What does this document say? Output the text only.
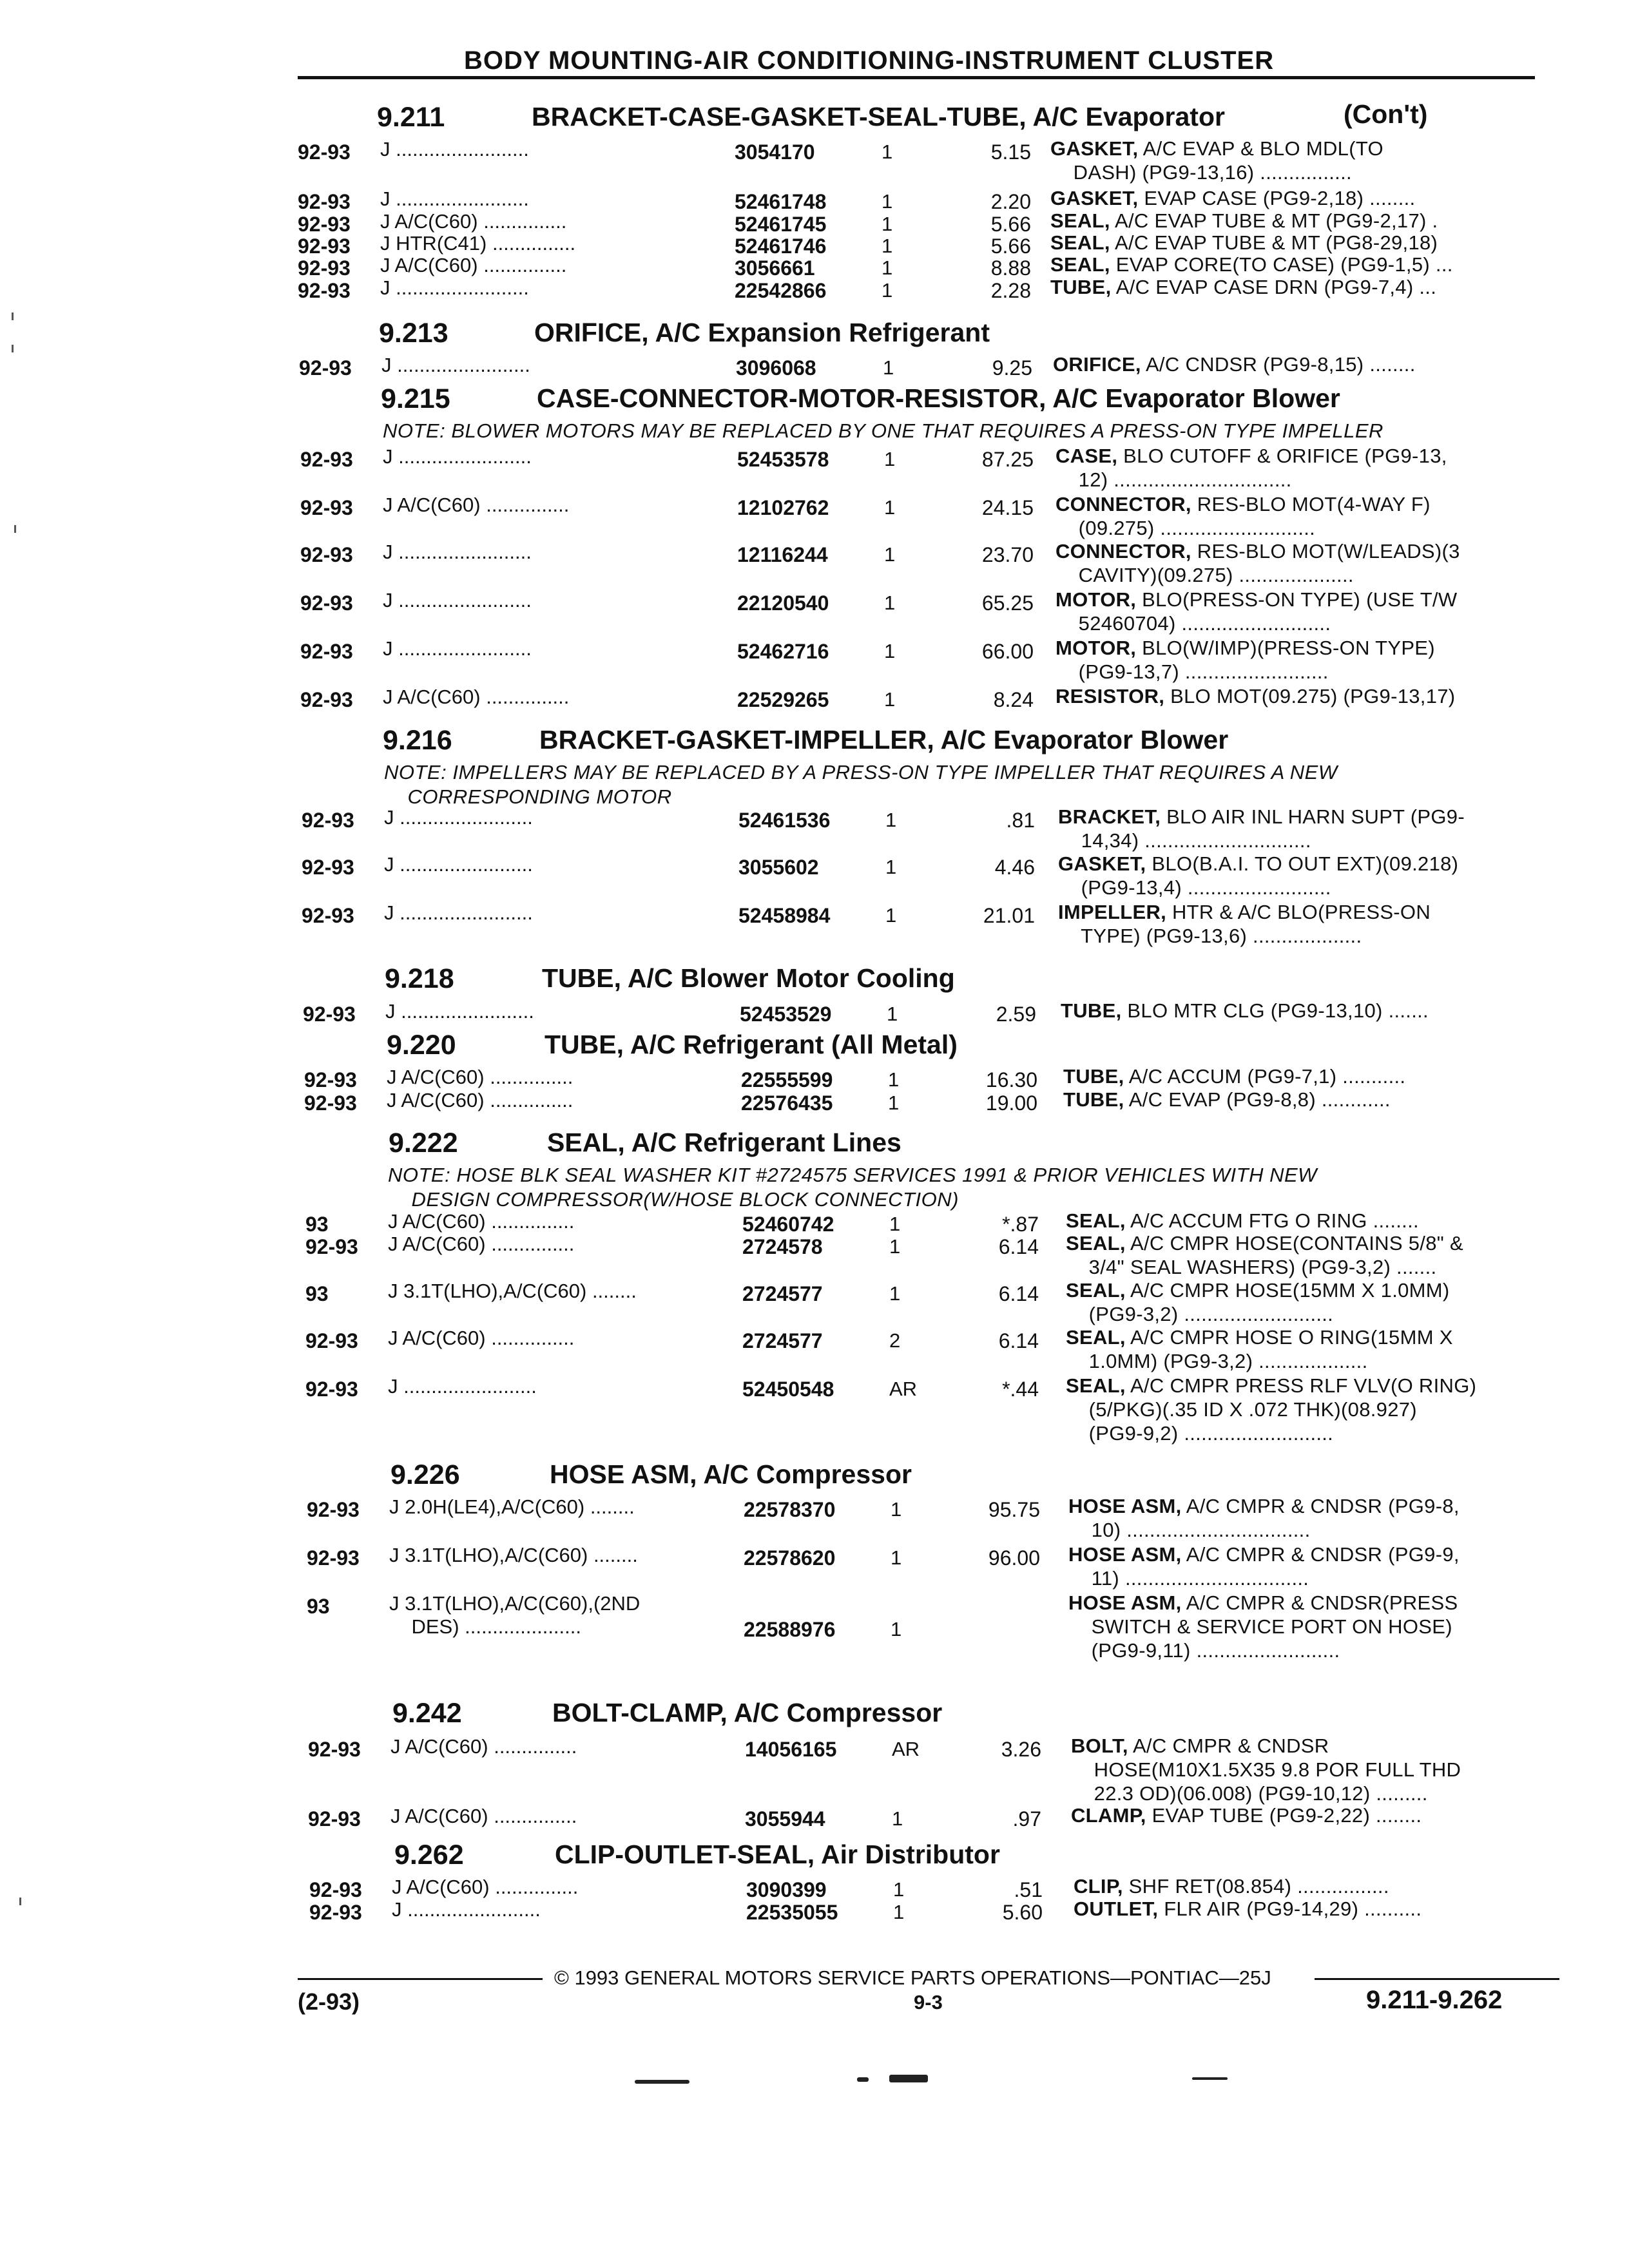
BODY MOUNTING-AIR CONDITIONING-INSTRUMENT CLUSTER
9.211	BRACKET-CASE-GASKET-SEAL-TUBE, A/C Evaporator	(Con't)
92-93 J ........................	3054170	1	5.15 GASKET, A/C EVAP & BLO MDL(TO
DASH) (PG9-13,16) ................
92-93 J ........................	52461748	1	2.20 GASKET, EVAP CASE (PG9-2,18) ........
92-93 J A/C(C60) ...............	52461745	1	5.66 SEAL, A/C EVAP TUBE & MT (PG9-2,17) .
92-93 J HTR(C41) ...............	52461746	1	5.66 SEAL, A/C EVAP TUBE & MT (PG8-29,18)
92-93 J A/C(C60) ...............	3056661	1	8.88 SEAL, EVAP CORE(TO CASE) (PG9-1,5) ...
92-93 J ........................	22542866	1	2.28 TUBE, A/C EVAP CASE DRN (PG9-7,4) ...
9.213	ORIFICE, A/C Expansion Refrigerant
92-93 J ........................	3096068	1	9.25 ORIFICE, A/C CNDSR (PG9-8,15) ........
9.215	CASE-CONNECTOR-MOTOR-RESISTOR, A/C Evaporator Blower
NOTE: BLOWER MOTORS MAY BE REPLACED BY ONE THAT REQUIRES A PRESS-ON TYPE IMPELLER
92-93 J ........................	52453578	1	87.25 CASE, BLO CUTOFF & ORIFICE (PG9-13,
12) ...............................
92-93 J A/C(C60) ...............	12102762	1	24.15 CONNECTOR, RES-BLO MOT(4-WAY F)
(09.275) ...........................
92-93 J ........................	12116244	1	23.70 CONNECTOR, RES-BLO MOT(W/LEADS)(3
CAVITY)(09.275) ....................
92-93 J ........................	22120540	1	65.25 MOTOR, BLO(PRESS-ON TYPE) (USE T/W
52460704) ..........................
92-93 J ........................	52462716	1	66.00 MOTOR, BLO(W/IMP)(PRESS-ON TYPE)
(PG9-13,7) .........................
92-93 J A/C(C60) ...............	22529265	1	8.24 RESISTOR, BLO MOT(09.275) (PG9-13,17)
9.216	BRACKET-GASKET-IMPELLER, A/C Evaporator Blower
NOTE: IMPELLERS MAY BE REPLACED BY A PRESS-ON TYPE IMPELLER THAT REQUIRES A NEW
CORRESPONDING MOTOR
92-93 J ........................	52461536	1	.81 BRACKET, BLO AIR INL HARN SUPT (PG9-
14,34) .............................
92-93 J ........................	3055602	1	4.46 GASKET, BLO(B.A.I. TO OUT EXT)(09.218)
(PG9-13,4) .........................
92-93 J ........................	52458984	1	21.01 IMPELLER, HTR & A/C BLO(PRESS-ON
TYPE) (PG9-13,6) ...................
9.218	TUBE, A/C Blower Motor Cooling
92-93 J ........................	52453529	1	2.59 TUBE, BLO MTR CLG (PG9-13,10) .......
9.220	TUBE, A/C Refrigerant (All Metal)
92-93 J A/C(C60) ...............	22555599	1	16.30 TUBE, A/C ACCUM (PG9-7,1) ...........
92-93 J A/C(C60) ...............	22576435	1	19.00 TUBE, A/C EVAP (PG9-8,8) ............
9.222	SEAL, A/C Refrigerant Lines
NOTE: HOSE BLK SEAL WASHER KIT #2724575 SERVICES 1991 & PRIOR VEHICLES WITH NEW
DESIGN COMPRESSOR(W/HOSE BLOCK CONNECTION)
93	J A/C(C60) ...............	52460742	1	*.87 SEAL, A/C ACCUM FTG O RING ........
92-93 J A/C(C60) ...............	2724578	1	6.14 SEAL, A/C CMPR HOSE(CONTAINS 5/8" &
3/4" SEAL WASHERS) (PG9-3,2) .......
93	J 3.1T(LHO),A/C(C60) ........	2724577	1	6.14 SEAL, A/C CMPR HOSE(15MM X 1.0MM)
(PG9-3,2) ..........................
92-93 J A/C(C60) ...............	2724577	2	6.14 SEAL, A/C CMPR HOSE O RING(15MM X
1.0MM) (PG9-3,2) ...................
92-93 J ........................	52450548	AR	*.44 SEAL, A/C CMPR PRESS RLF VLV(O RING)
(5/PKG)(.35 ID X .072 THK)(08.927)
(PG9-9,2) ..........................
9.226	HOSE ASM, A/C Compressor
92-93 J 2.0H(LE4),A/C(C60) ........	22578370	1	95.75 HOSE ASM, A/C CMPR & CNDSR (PG9-8,
10) ................................
92-93 J 3.1T(LHO),A/C(C60) ........	22578620	1	96.00 HOSE ASM, A/C CMPR & CNDSR (PG9-9,
11) ................................
93	J 3.1T(LHO),A/C(C60),(2ND
DES) .....................	22588976	1
HOSE ASM, A/C CMPR & CNDSR(PRESS
SWITCH & SERVICE PORT ON HOSE)
(PG9-9,11) .........................
9.242	BOLT-CLAMP, A/C Compressor
92-93 J A/C(C60) ...............	14056165	AR	3.26 BOLT, A/C CMPR & CNDSR
HOSE(M10X1.5X35 9.8 POR FULL THD
22.3 OD)(06.008) (PG9-10,12) .........
92-93 J A/C(C60) ...............	3055944	1	.97 CLAMP, EVAP TUBE (PG9-2,22) ........
9.262	CLIP-OUTLET-SEAL, Air Distributor
92-93 J A/C(C60) ...............	3090399	1	.51 CLIP, SHF RET(08.854) ................
92-93 J ........................	22535055	1	5.60 OUTLET, FLR AIR (PG9-14,29) ..........
© 1993 GENERAL MOTORS SERVICE PARTS OPERATIONS—PONTIAC—25J
(2-93)	9-3	9.211-9.262
